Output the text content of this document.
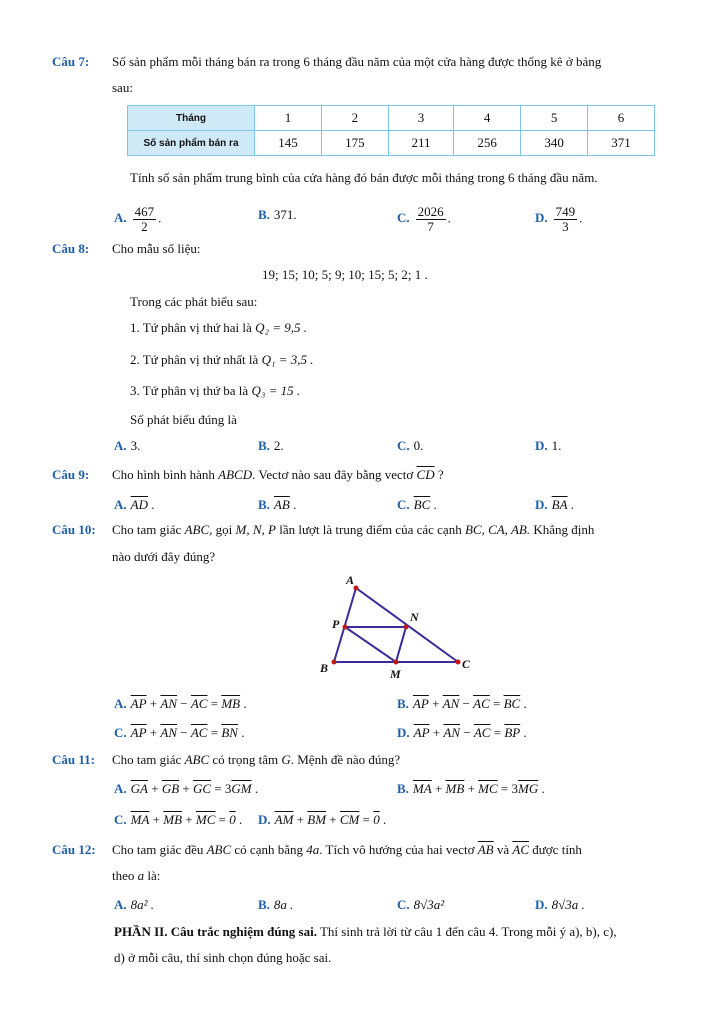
Câu 7: Số sản phẩm mỗi tháng bán ra trong 6 tháng đầu năm của một cửa hàng được thống kê ở bảng
sau:
Tháng	1	2	3	4	5	6
Số sản phẩm bán ra	145	175	211	256	340	371
Tính số sản phẩm trung bình của cửa hàng đó bán được mỗi tháng trong 6 tháng đầu năm.
A. $\frac{467}{2}$ .	B. 371.	C. $\frac{2026}{7}$ .	D. $\frac{749}{3}$ .
Câu 8: Cho mẫu số liệu:
19; 15; 10; 5; 9; 10; 15; 5; 2; 1 .
Trong các phát biểu sau:
1. Tứ phân vị thứ hai là Q₂ = 9,5 .
2. Tứ phân vị thứ nhất là Q₁ = 3,5 .
3. Tứ phân vị thứ ba là Q₃ = 15 .
Số phát biểu đúng là
A. 3.	B. 2.	C. 0.	D. 1.
Câu 9: Cho hình bình hành ABCD. Vectơ nào sau đây bằng vectơ $\overline{CD}$ ?
A. $\overline{AD}$ .	B. $\overline{AB}$ .	C. $\overline{BC}$ .	D. $\overline{BA}$ .
Câu 10: Cho tam giác ABC, gọi M, N, P lần lượt là trung điểm của các cạnh BC, CA, AB. Khẳng định
nào dưới đây đúng?
A
N
P
B	M
C
A. $\overline{AP} + \overline{AN} - \overline{AC} = \overline{MB}$ .	B. $\overline{AP} + \overline{AN} - \overline{AC} = \overline{BC}$ .
C. $\overline{AP} + \overline{AN} - \overline{AC} = \overline{BN}$ .	D. $\overline{AP} + \overline{AN} - \overline{AC} = \overline{BP}$ .
Câu 11: Cho tam giác ABC có trọng tâm G. Mệnh đề nào đúng?
A. $\overline{GA} + \overline{GB} + \overline{GC} = 3\overline{GM}$ .	B. $\overline{MA} + \overline{MB} + \overline{MC} = 3\overline{MG}$ .
C. $\overline{MA} + \overline{MB} + \overline{MC} = 0$ . D. $\overline{AM} + \overline{BM} + \overline{CM} = 0$ .
Câu 12: Cho tam giác đều ABC có cạnh bằng 4a. Tích vô hướng của hai vectơ $\overline{AB}$ và $\overline{AC}$ được tính
theo a là:
A. 8a² .	B. 8a .	C. 8√3a²	D. 8√3a .
PHẦN II. Câu trắc nghiệm đúng sai. Thí sinh trả lời từ câu 1 đến câu 4. Trong mỗi ý a), b), c),
d) ở mỗi câu, thí sinh chọn đúng hoặc sai.
